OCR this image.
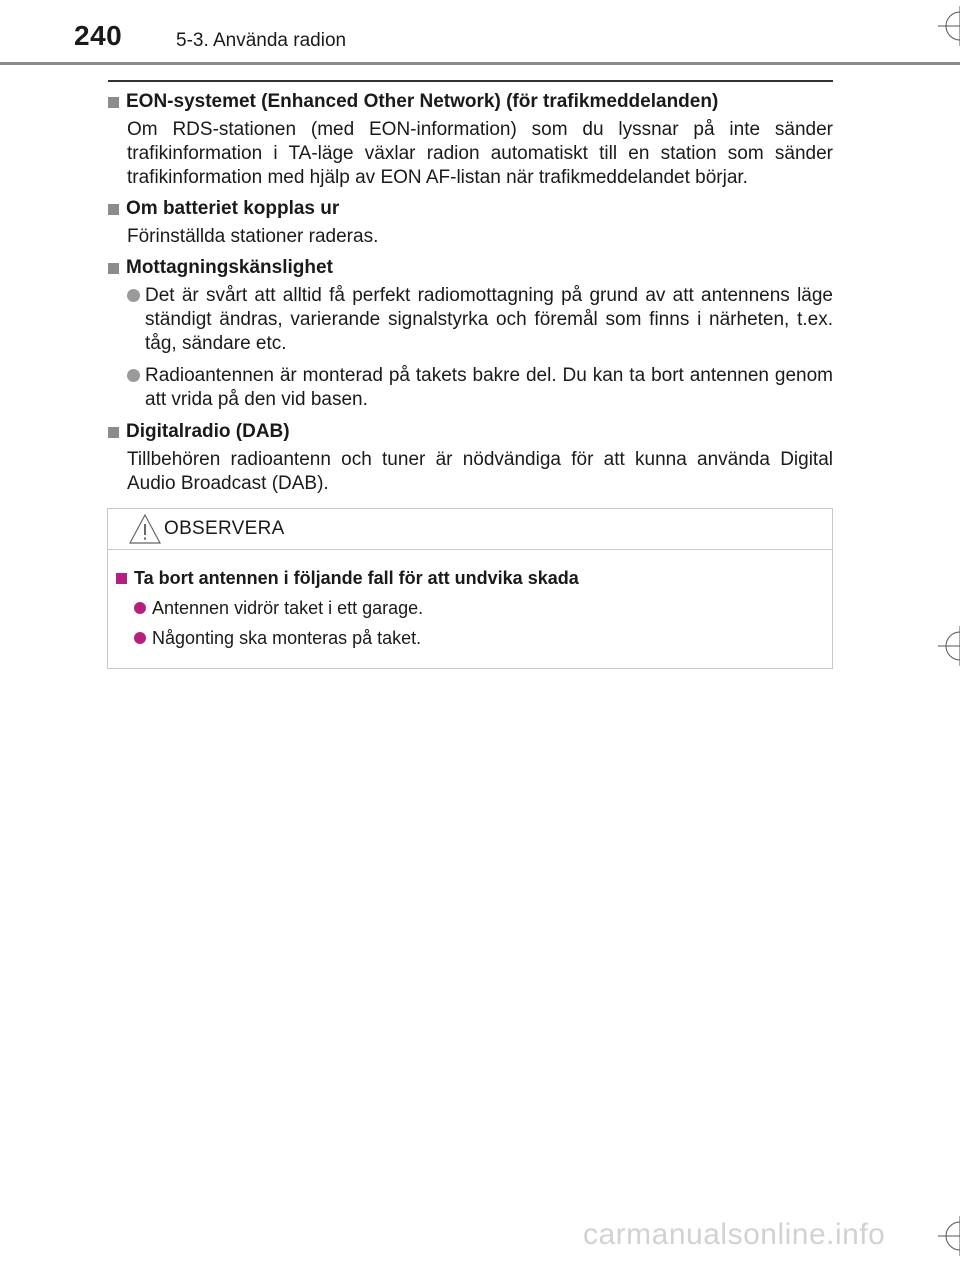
240	5-3. Använda radion
EON-systemet (Enhanced Other Network) (för trafikmeddelanden)
Om RDS-stationen (med EON-information) som du lyssnar på inte sänder trafikinformation i TA-läge växlar radion automatiskt till en station som sänder trafikinformation med hjälp av EON AF-listan när trafikmeddelandet börjar.
Om batteriet kopplas ur
Förinställda stationer raderas.
Mottagningskänslighet
Det är svårt att alltid få perfekt radiomottagning på grund av att antennens läge ständigt ändras, varierande signalstyrka och föremål som finns i närheten, t.ex. tåg, sändare etc.
Radioantennen är monterad på takets bakre del. Du kan ta bort antennen genom att vrida på den vid basen.
Digitalradio (DAB)
Tillbehören radioantenn och tuner är nödvändiga för att kunna använda Digital Audio Broadcast (DAB).
OBSERVERA
Ta bort antennen i följande fall för att undvika skada
Antennen vidrör taket i ett garage.
Någonting ska monteras på taket.
carmanualsonline.info
